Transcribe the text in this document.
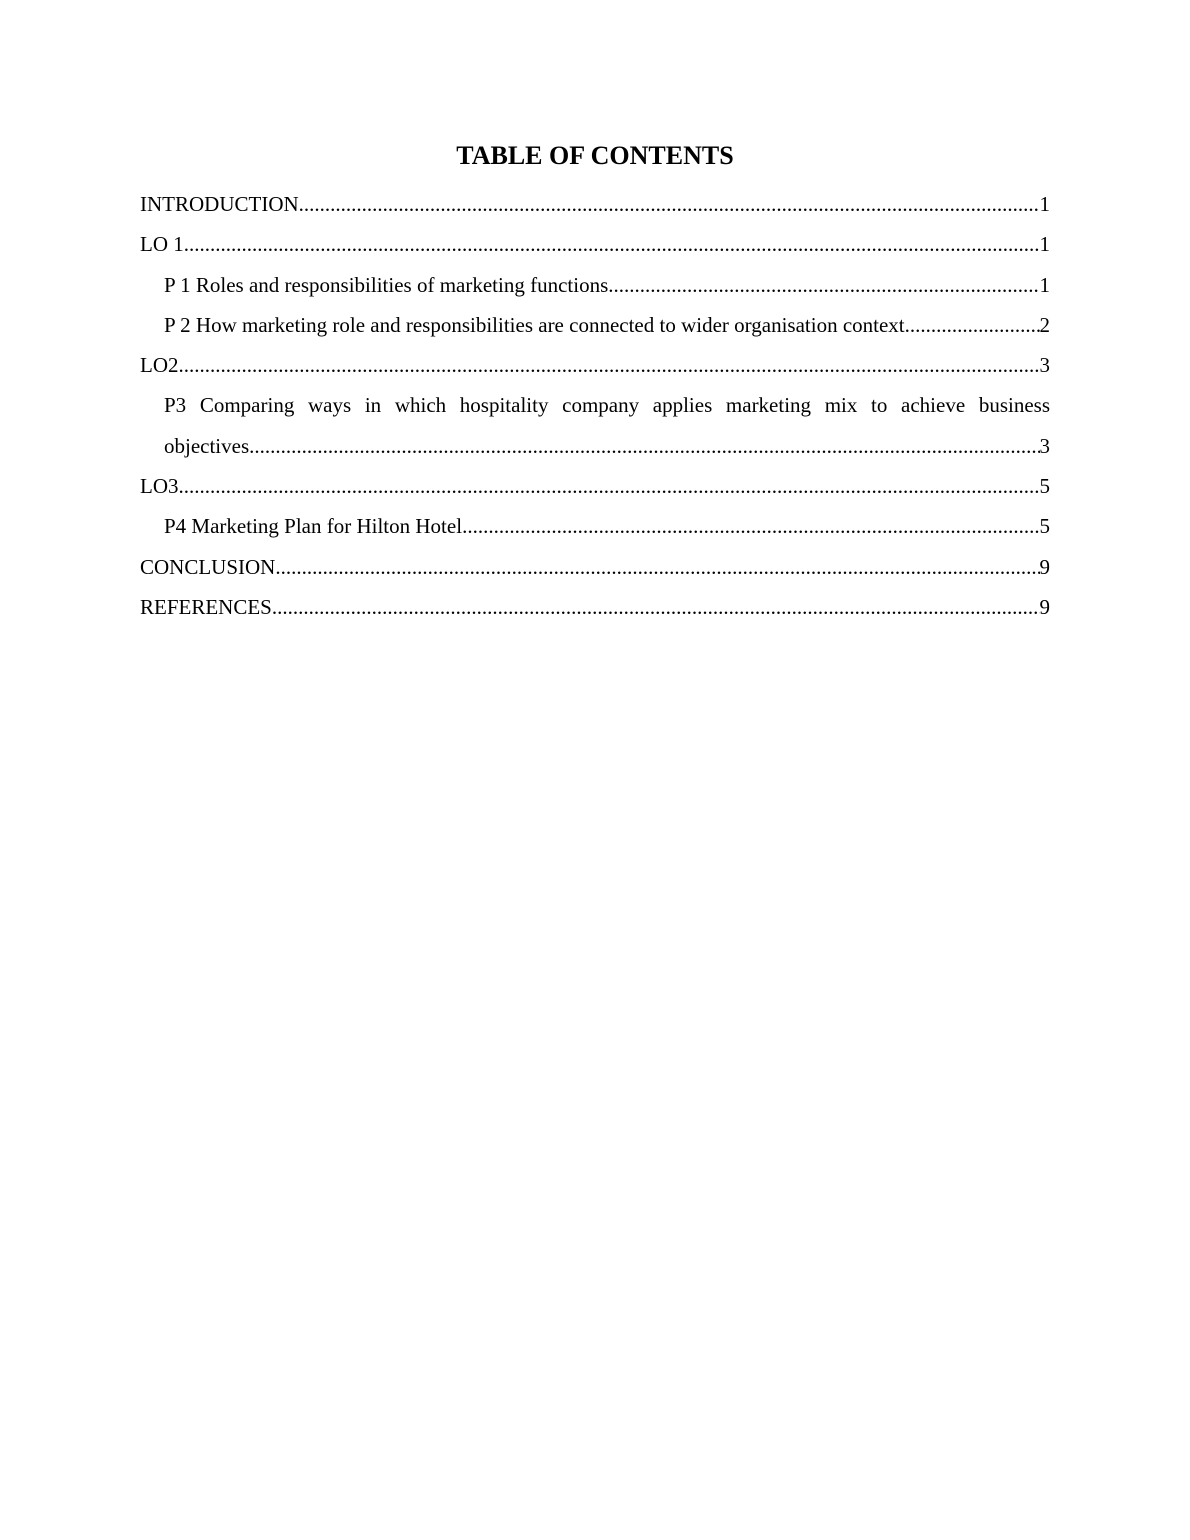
TABLE OF CONTENTS
INTRODUCTION .....	1
LO 1 .....	1
P 1 Roles and responsibilities of marketing functions .....	1
P 2 How marketing role and responsibilities are connected to wider organisation context .....	2
LO2 .....	3
P3 Comparing ways in which hospitality company applies marketing mix to achieve business
objectives .....	3
LO3 .....	5
P4 Marketing Plan for Hilton Hotel .....	5
CONCLUSION .....	9
REFERENCES .....	9
